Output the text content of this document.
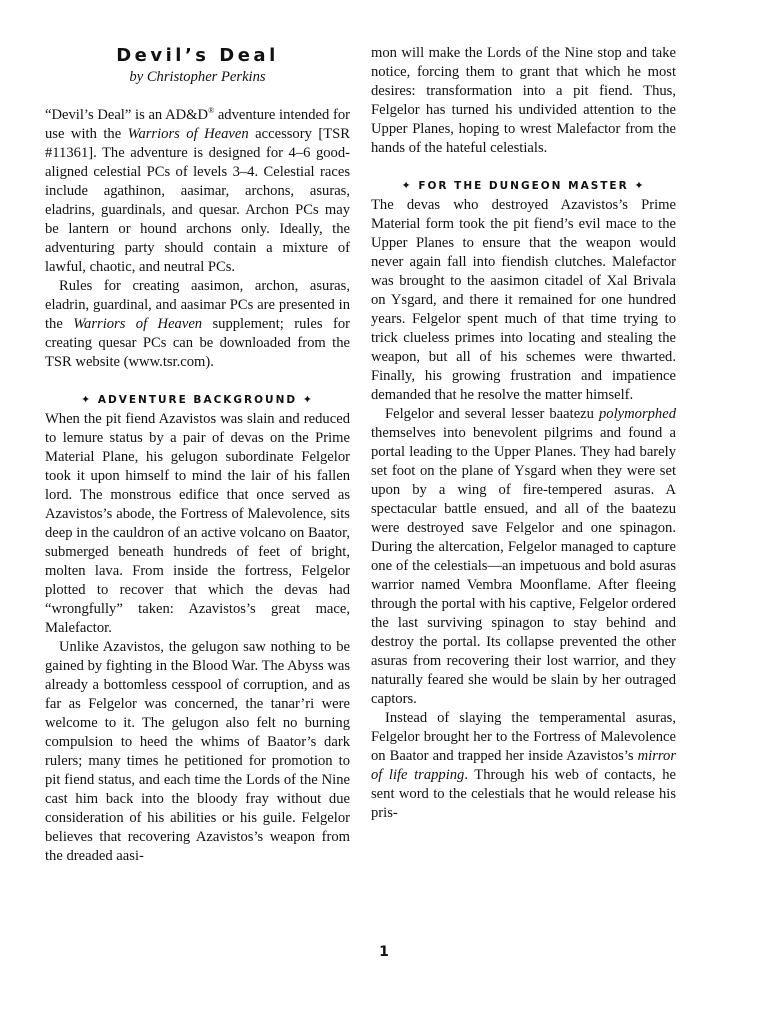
Devil’s Deal
by Christopher Perkins

“Devil’s Deal” is an AD&D® adventure intended for use with the Warriors of Heaven accessory [TSR #11361]. The adventure is designed for 4–6 good-aligned celestial PCs of levels 3–4. Celestial races include agathinon, aasimar, archons, asuras, eladrins, guardinals, and quesar. Archon PCs may be lantern or hound archons only. Ideally, the adventuring party should contain a mixture of lawful, chaotic, and neutral PCs.

Rules for creating aasimon, archon, asuras, eladrin, guardinal, and aasimar PCs are presented in the Warriors of Heaven supplement; rules for creating quesar PCs can be downloaded from the TSR website (www.tsr.com).

✦ ADVENTURE BACKGROUND ✦

When the pit fiend Azavistos was slain and reduced to lemure status by a pair of devas on the Prime Material Plane, his gelugon subordinate Felgelor took it upon himself to mind the lair of his fallen lord. The monstrous edifice that once served as Azavistos’s abode, the Fortress of Malevolence, sits deep in the cauldron of an active volcano on Baator, submerged beneath hundreds of feet of bright, molten lava. From inside the fortress, Felgelor plotted to recover that which the devas had “wrongfully” taken: Azavistos’s great mace, Malefactor.

Unlike Azavistos, the gelugon saw nothing to be gained by fighting in the Blood War. The Abyss was already a bottomless cesspool of corruption, and as far as Felgelor was concerned, the tanar’ri were welcome to it. The gelugon also felt no burning compulsion to heed the whims of Baator’s dark rulers; many times he petitioned for promotion to pit fiend status, and each time the Lords of the Nine cast him back into the bloody fray without due consideration of his abilities or his guile. Felgelor believes that recovering Azavistos’s weapon from the dreaded aasi-

mon will make the Lords of the Nine stop and take notice, forcing them to grant that which he most desires: transformation into a pit fiend. Thus, Felgelor has turned his undivided attention to the Upper Planes, hoping to wrest Malefactor from the hands of the hateful celestials.

✦ FOR THE DUNGEON MASTER ✦

The devas who destroyed Azavistos’s Prime Material form took the pit fiend’s evil mace to the Upper Planes to ensure that the weapon would never again fall into fiendish clutches. Malefactor was brought to the aasimon citadel of Xal Brivala on Ysgard, and there it remained for one hundred years. Felgelor spent much of that time trying to trick clueless primes into locating and stealing the weapon, but all of his schemes were thwarted. Finally, his growing frustration and impatience demanded that he resolve the matter himself.

Felgelor and several lesser baatezu polymorphed themselves into benevolent pilgrims and found a portal leading to the Upper Planes. They had barely set foot on the plane of Ysgard when they were set upon by a wing of fire-tempered asuras. A spectacular battle ensued, and all of the baatezu were destroyed save Felgelor and one spinagon. During the altercation, Felgelor managed to capture one of the celestials—an impetuous and bold asuras warrior named Vembra Moonflame. After fleeing through the portal with his captive, Felgelor ordered the last surviving spinagon to stay behind and destroy the portal. Its collapse prevented the other asuras from recovering their lost warrior, and they naturally feared she would be slain by her outraged captors.

Instead of slaying the temperamental asuras, Felgelor brought her to the Fortress of Malevolence on Baator and trapped her inside Azavistos’s mirror of life trapping. Through his web of contacts, he sent word to the celestials that he would release his pris-

1
